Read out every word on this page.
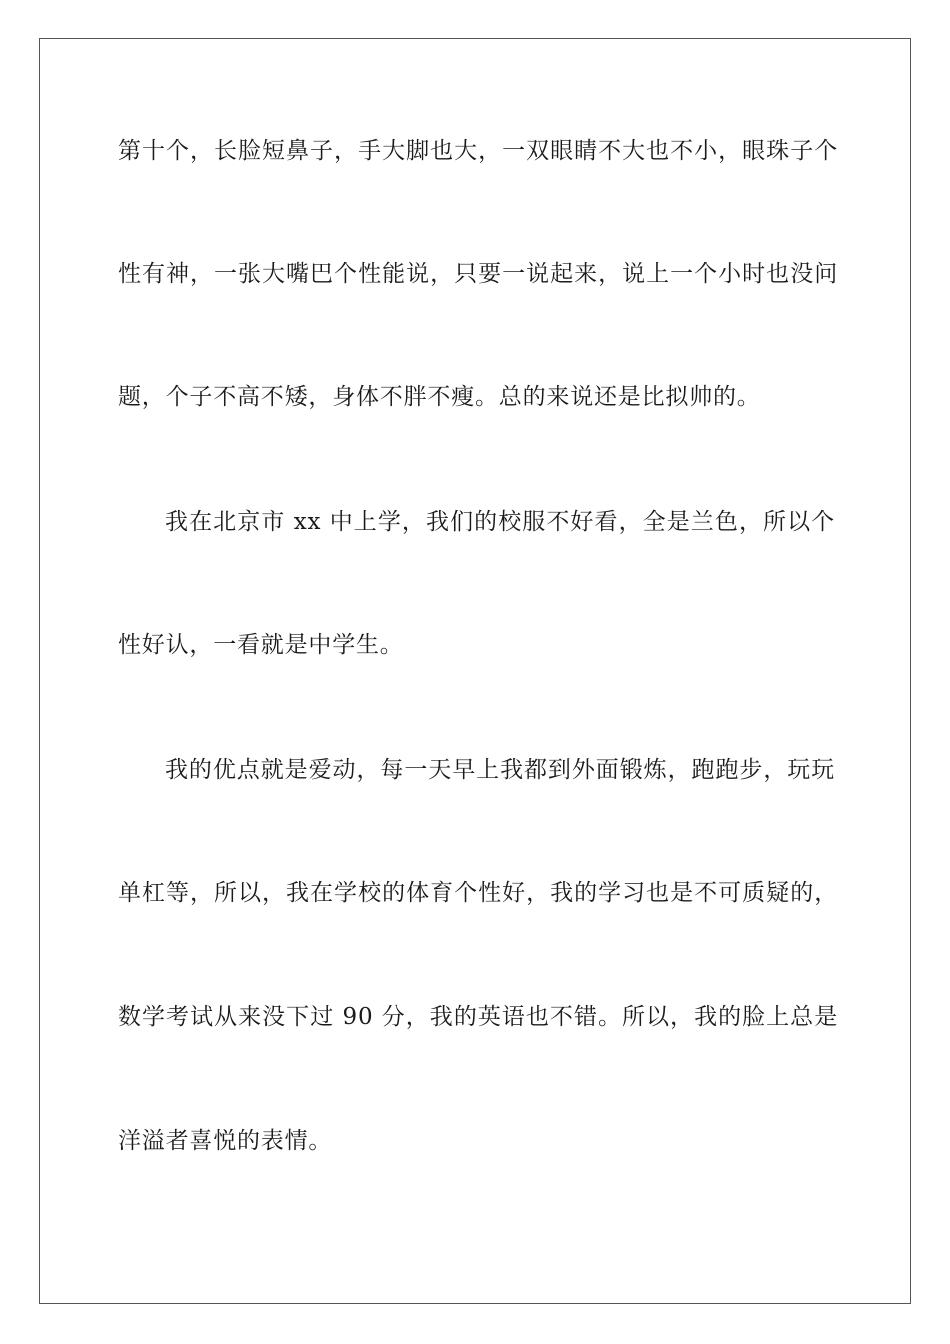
第十个，长脸短鼻子，手大脚也大，一双眼睛不大也不小，眼珠子个
性有神，一张大嘴巴个性能说，只要一说起来，说上一个小时也没问
题，个子不高不矮，身体不胖不瘦。总的来说还是比拟帅的。
我在北京市 xx 中上学，我们的校服不好看，全是兰色，所以个
性好认，一看就是中学生。
我的优点就是爱动，每一天早上我都到外面锻炼，跑跑步，玩玩
单杠等，所以，我在学校的体育个性好，我的学习也是不可质疑的，
数学考试从来没下过 90 分，我的英语也不错。所以，我的脸上总是
洋溢者喜悦的表情。
